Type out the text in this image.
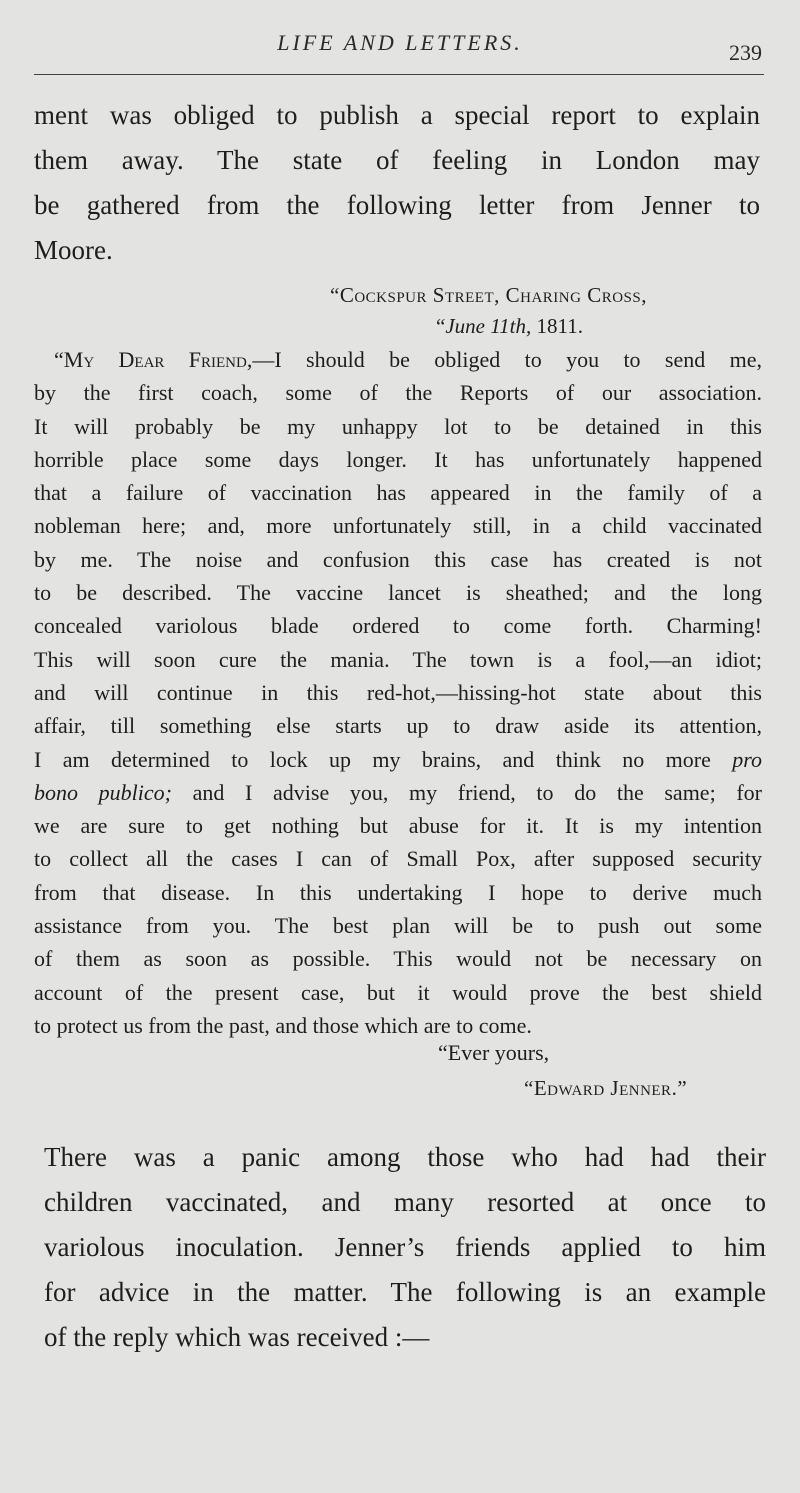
LIFE AND LETTERS.	239
ment was obliged to publish a special report to explain
them away. The state of feeling in London may
be gathered from the following letter from Jenner to
Moore.
“Cockspur Street, Charing Cross,
“June 11th, 1811.
“My Dear Friend,—I should be obliged to you to send me,
by the first coach, some of the Reports of our association.
It will probably be my unhappy lot to be detained in this
horrible place some days longer. It has unfortunately happened
that a failure of vaccination has appeared in the family of a
nobleman here; and, more unfortunately still, in a child vaccinated
by me. The noise and confusion this case has created is not
to be described. The vaccine lancet is sheathed; and the long
concealed variolous blade ordered to come forth. Charming!
This will soon cure the mania. The town is a fool,—an idiot;
and will continue in this red-hot,—hissing-hot state about this
affair, till something else starts up to draw aside its attention,
I am determined to lock up my brains, and think no more pro
bono publico; and I advise you, my friend, to do the same; for
we are sure to get nothing but abuse for it. It is my intention
to collect all the cases I can of Small Pox, after supposed security
from that disease. In this undertaking I hope to derive much
assistance from you. The best plan will be to push out some
of them as soon as possible. This would not be necessary on
account of the present case, but it would prove the best shield
to protect us from the past, and those which are to come.
“Ever yours,
“Edward Jenner.”
There was a panic among those who had had their
children vaccinated, and many resorted at once to
variolous inoculation. Jenner’s friends applied to him
for advice in the matter. The following is an example
of the reply which was received :—
